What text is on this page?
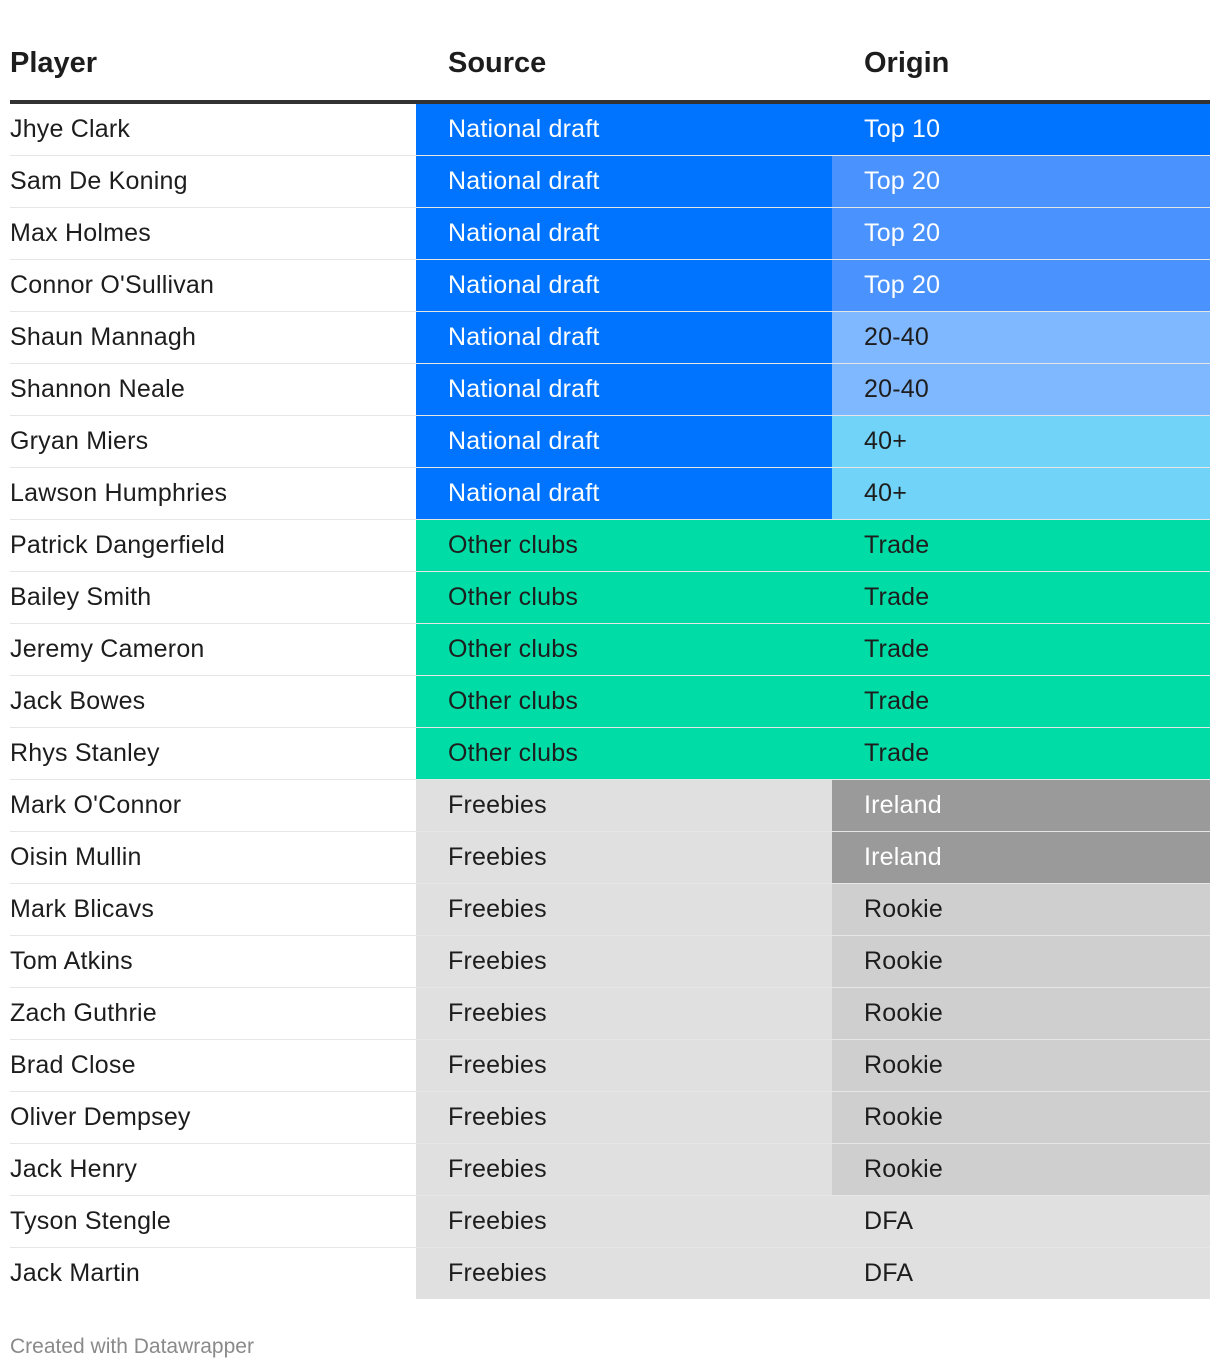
Player	Source	Origin
Jhye Clark	National draft	Top 10
Sam De Koning	National draft	Top 20
Max Holmes	National draft	Top 20
Connor O'Sullivan	National draft	Top 20
Shaun Mannagh	National draft	20-40
Shannon Neale	National draft	20-40
Gryan Miers	National draft	40+
Lawson Humphries	National draft	40+
Patrick Dangerfield	Other clubs	Trade
Bailey Smith	Other clubs	Trade
Jeremy Cameron	Other clubs	Trade
Jack Bowes	Other clubs	Trade
Rhys Stanley	Other clubs	Trade
Mark O'Connor	Freebies	Ireland
Oisin Mullin	Freebies	Ireland
Mark Blicavs	Freebies	Rookie
Tom Atkins	Freebies	Rookie
Zach Guthrie	Freebies	Rookie
Brad Close	Freebies	Rookie
Oliver Dempsey	Freebies	Rookie
Jack Henry	Freebies	Rookie
Tyson Stengle	Freebies	DFA
Jack Martin	Freebies	DFA
Created with Datawrapper
